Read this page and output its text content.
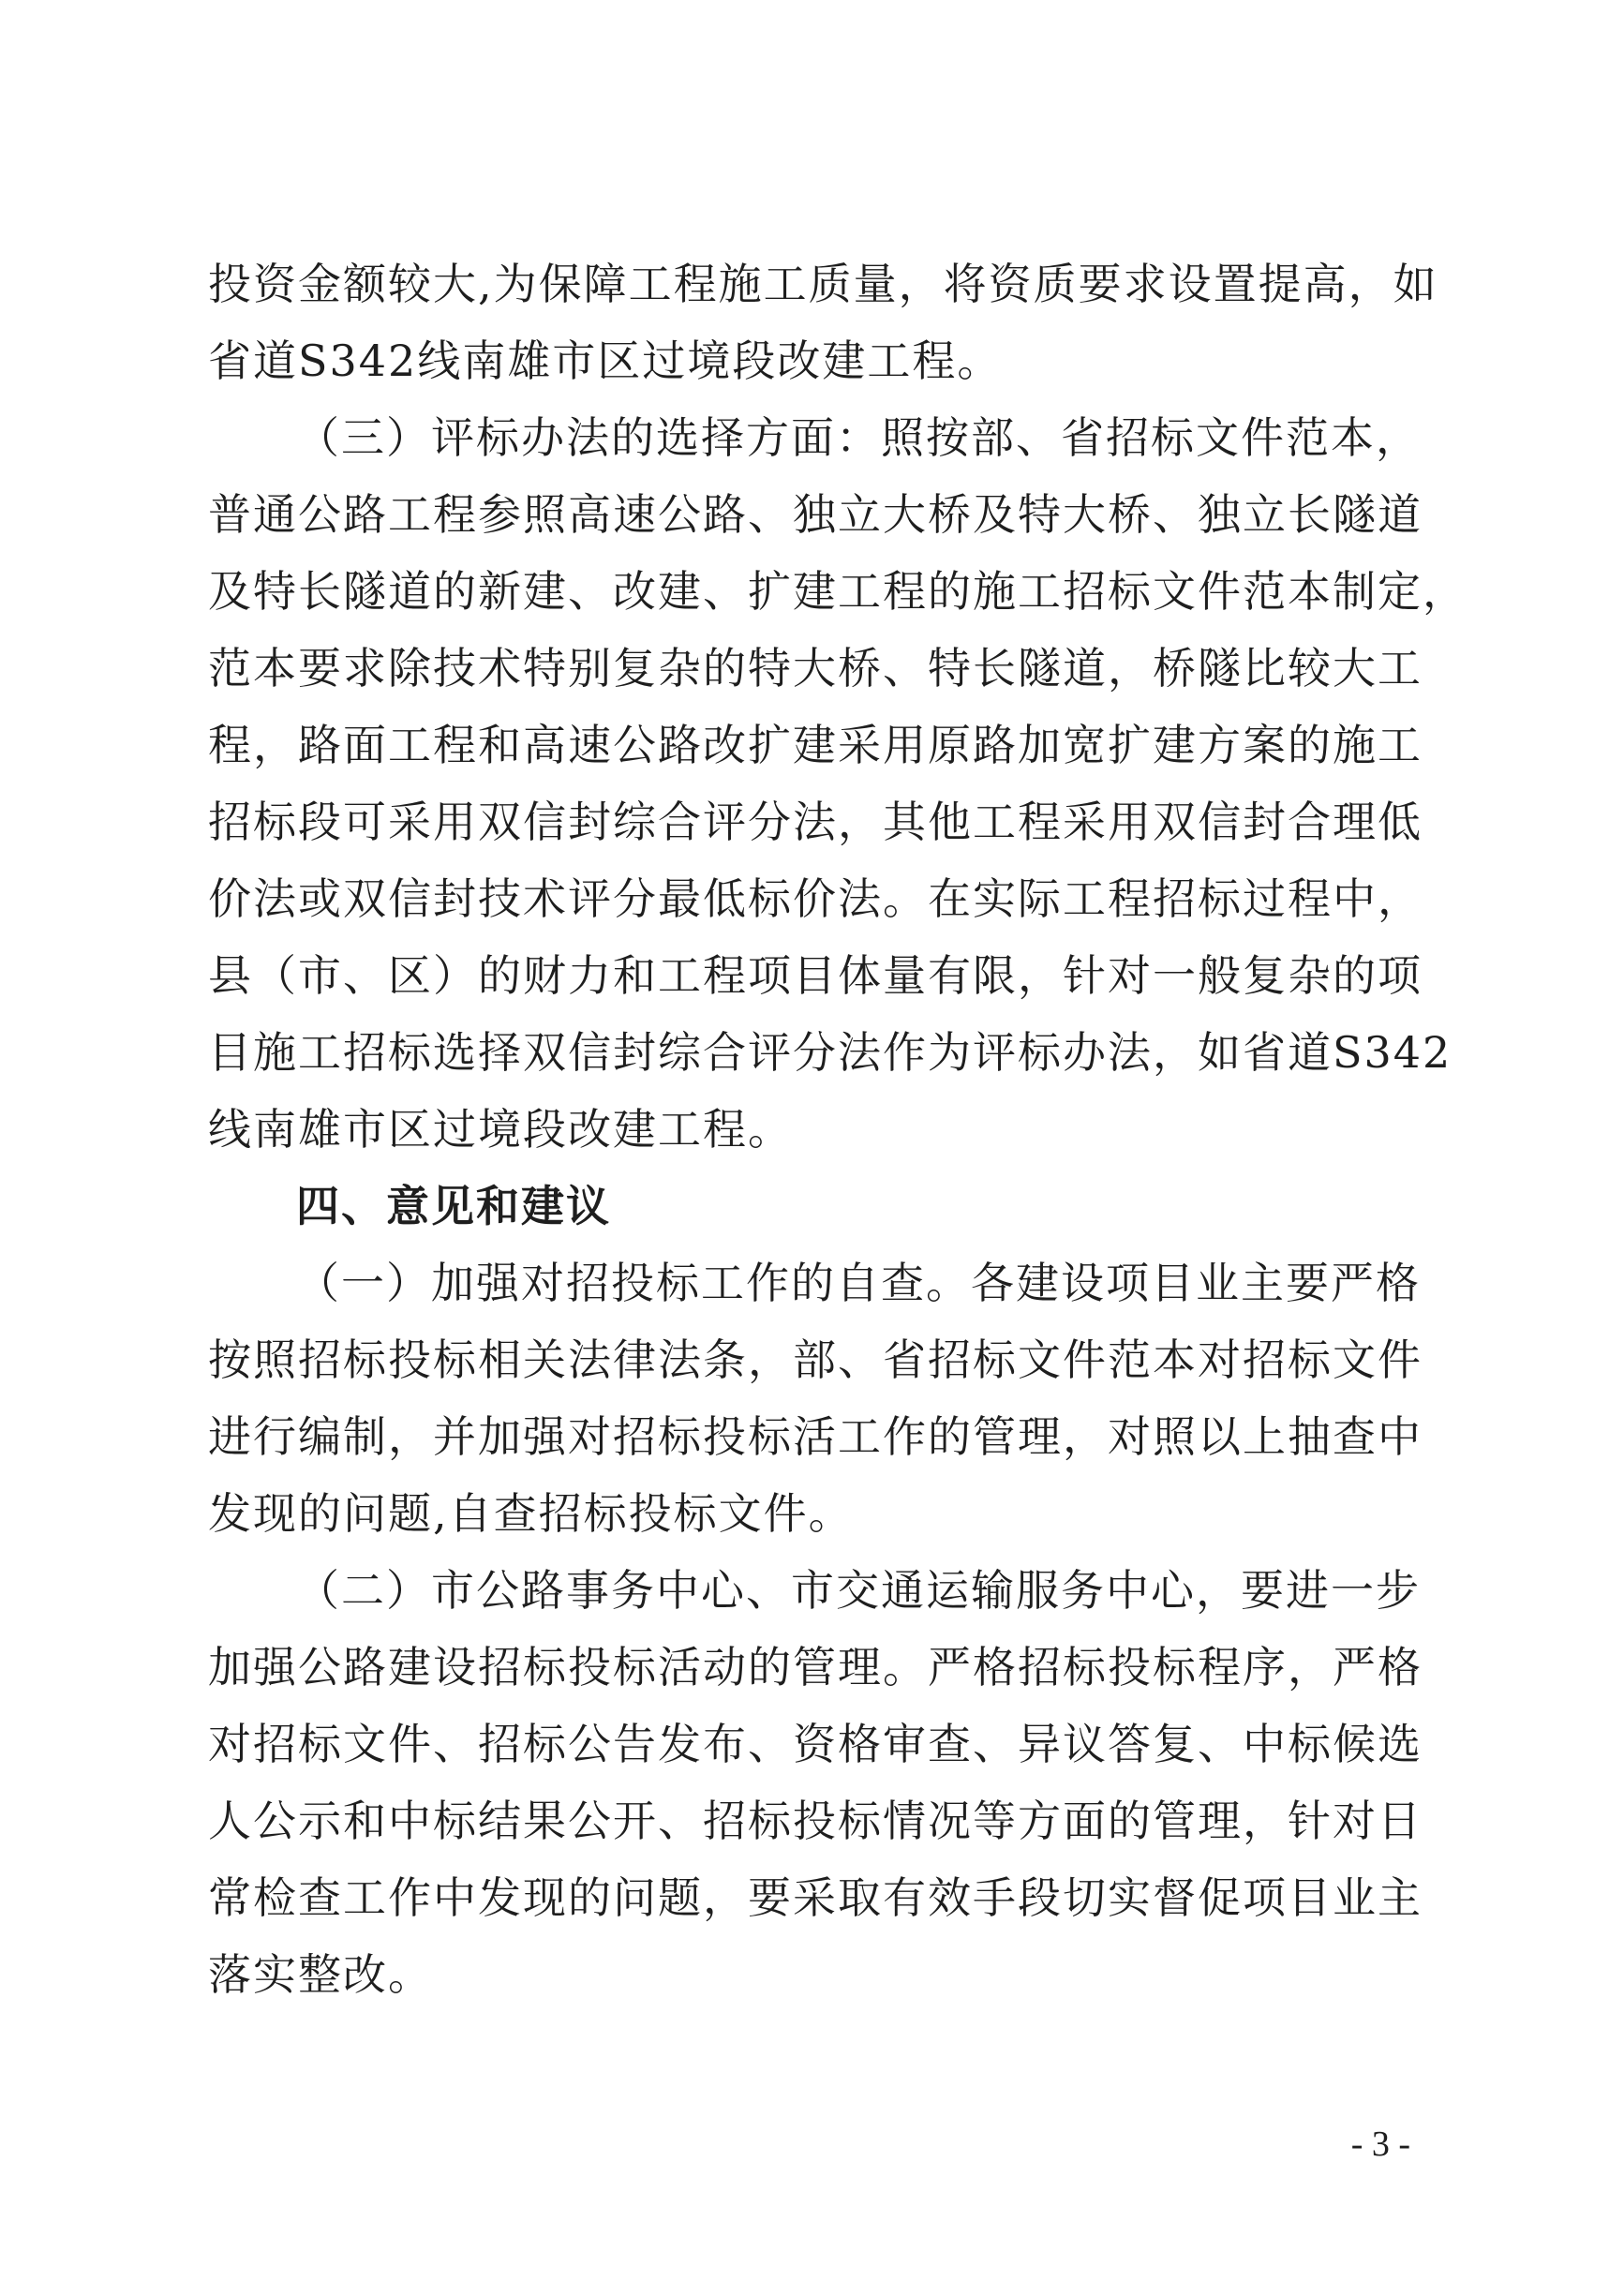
投资金额较大,为保障工程施工质量，将资质要求设置提高，如
省道S342线南雄市区过境段改建工程。
（三）评标办法的选择方面：照按部、省招标文件范本，
普通公路工程参照高速公路、独立大桥及特大桥、独立长隧道
及特长隧道的新建、改建、扩建工程的施工招标文件范本制定，
范本要求除技术特别复杂的特大桥、特长隧道，桥隧比较大工
程，路面工程和高速公路改扩建采用原路加宽扩建方案的施工
招标段可采用双信封综合评分法，其他工程采用双信封合理低
价法或双信封技术评分最低标价法。在实际工程招标过程中，
县（市、区）的财力和工程项目体量有限，针对一般复杂的项
目施工招标选择双信封综合评分法作为评标办法，如省道S342
线南雄市区过境段改建工程。
四、意见和建议
（一）加强对招投标工作的自查。各建设项目业主要严格
按照招标投标相关法律法条，部、省招标文件范本对招标文件
进行编制，并加强对招标投标活工作的管理，对照以上抽查中
发现的问题,自查招标投标文件。
（二）市公路事务中心、市交通运输服务中心，要进一步
加强公路建设招标投标活动的管理。严格招标投标程序，严格
对招标文件、招标公告发布、资格审查、异议答复、中标候选
人公示和中标结果公开、招标投标情况等方面的管理，针对日
常检查工作中发现的问题，要采取有效手段切实督促项目业主
落实整改。
- 3 -
